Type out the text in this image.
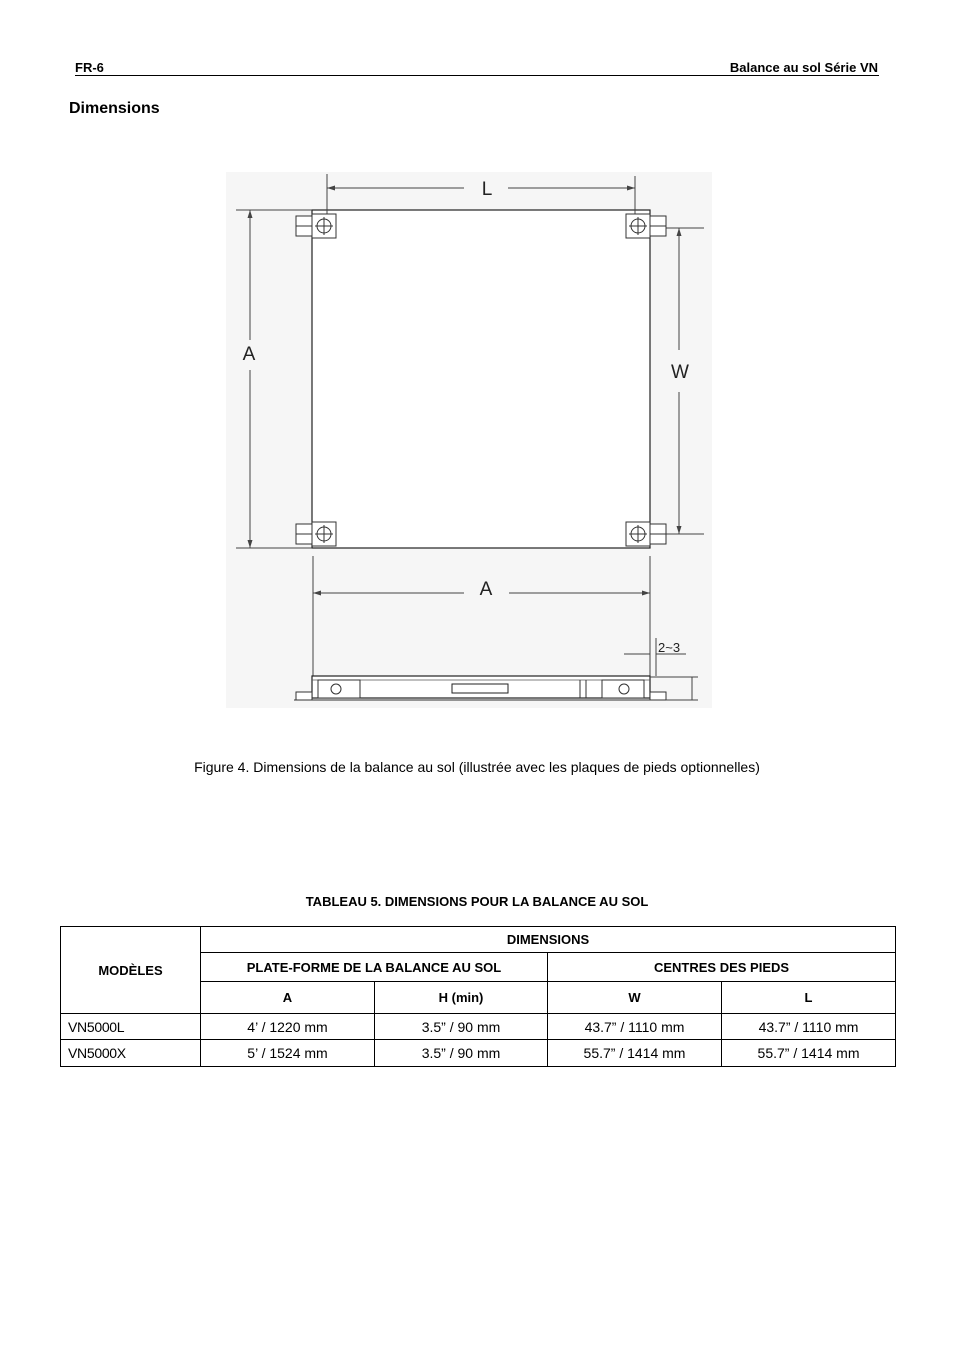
FR-6	Balance au sol Série VN
Dimensions
L
A
W
A
2~3
Figure 4. Dimensions de la balance au sol (illustrée avec les plaques de pieds optionnelles)
TABLEAU 5. DIMENSIONS POUR LA BALANCE AU SOL
MODÈLES	DIMENSIONS			
	PLATE-FORME DE LA BALANCE AU SOL		CENTRES DES PIEDS	
	A	H (min)	W	L
VN5000L	4’ / 1220 mm	3.5” / 90 mm	43.7” / 1110 mm	43.7” / 1110 mm
VN5000X	5’ / 1524 mm	3.5” / 90 mm	55.7” / 1414 mm	55.7” / 1414 mm
